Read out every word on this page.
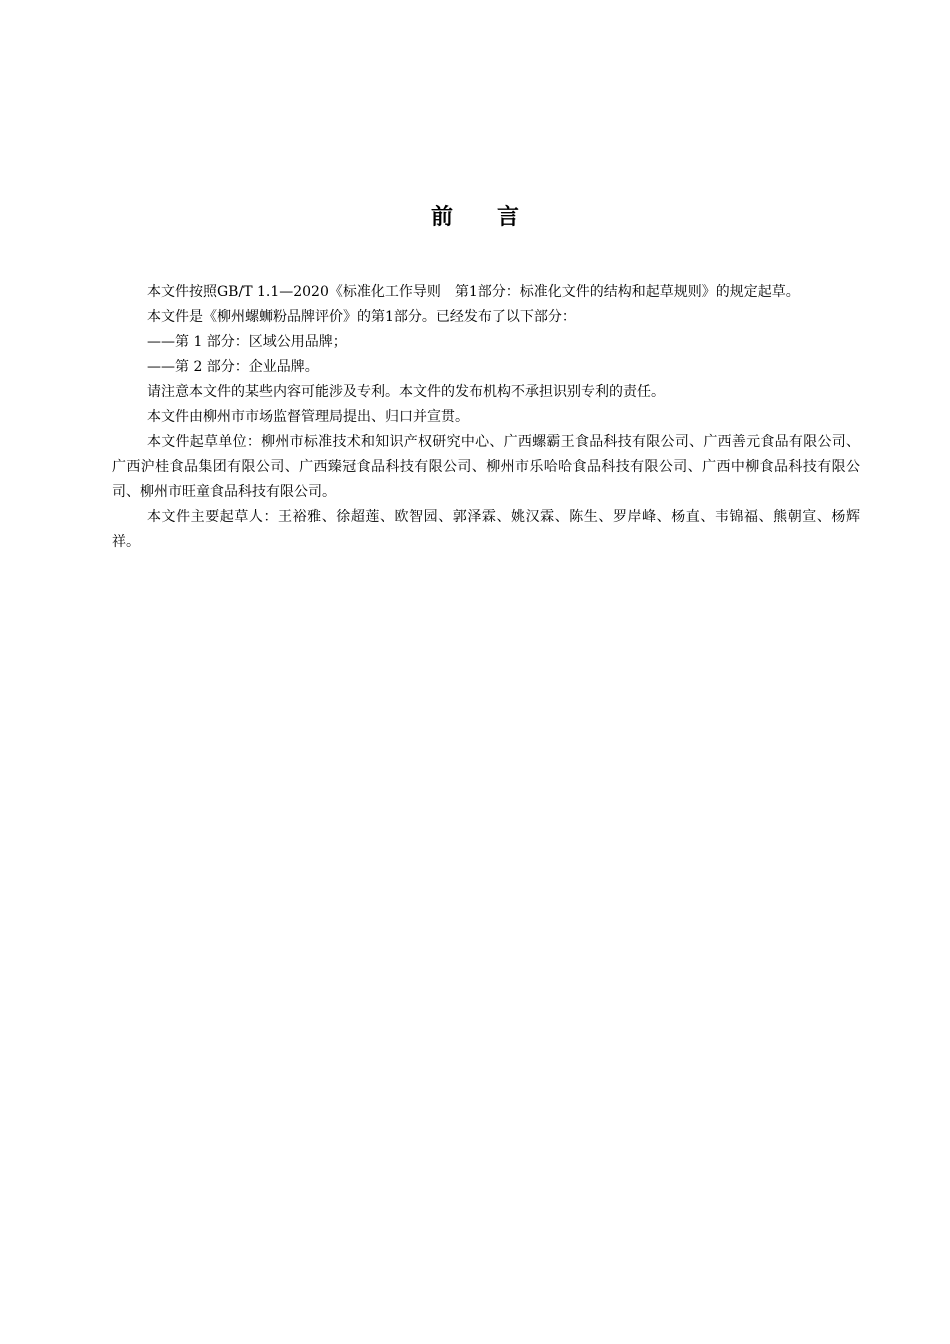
前 言

本文件按照GB/T 1.1—2020《标准化工作导则　第1部分：标准化文件的结构和起草规则》的规定起草。

本文件是《柳州螺蛳粉品牌评价》的第1部分。已经发布了以下部分：

——第 1 部分：区域公用品牌；

——第 2 部分：企业品牌。

请注意本文件的某些内容可能涉及专利。本文件的发布机构不承担识别专利的责任。

本文件由柳州市市场监督管理局提出、归口并宣贯。

本文件起草单位：柳州市标准技术和知识产权研究中心、广西螺霸王食品科技有限公司、广西善元食品有限公司、广西沪桂食品集团有限公司、广西臻冠食品科技有限公司、柳州市乐哈哈食品科技有限公司、广西中柳食品科技有限公司、柳州市旺童食品科技有限公司。

本文件主要起草人：王裕雅、徐超莲、欧智园、郭泽霖、姚汉霖、陈生、罗岸峰、杨直、韦锦福、熊朝宣、杨辉祥。
